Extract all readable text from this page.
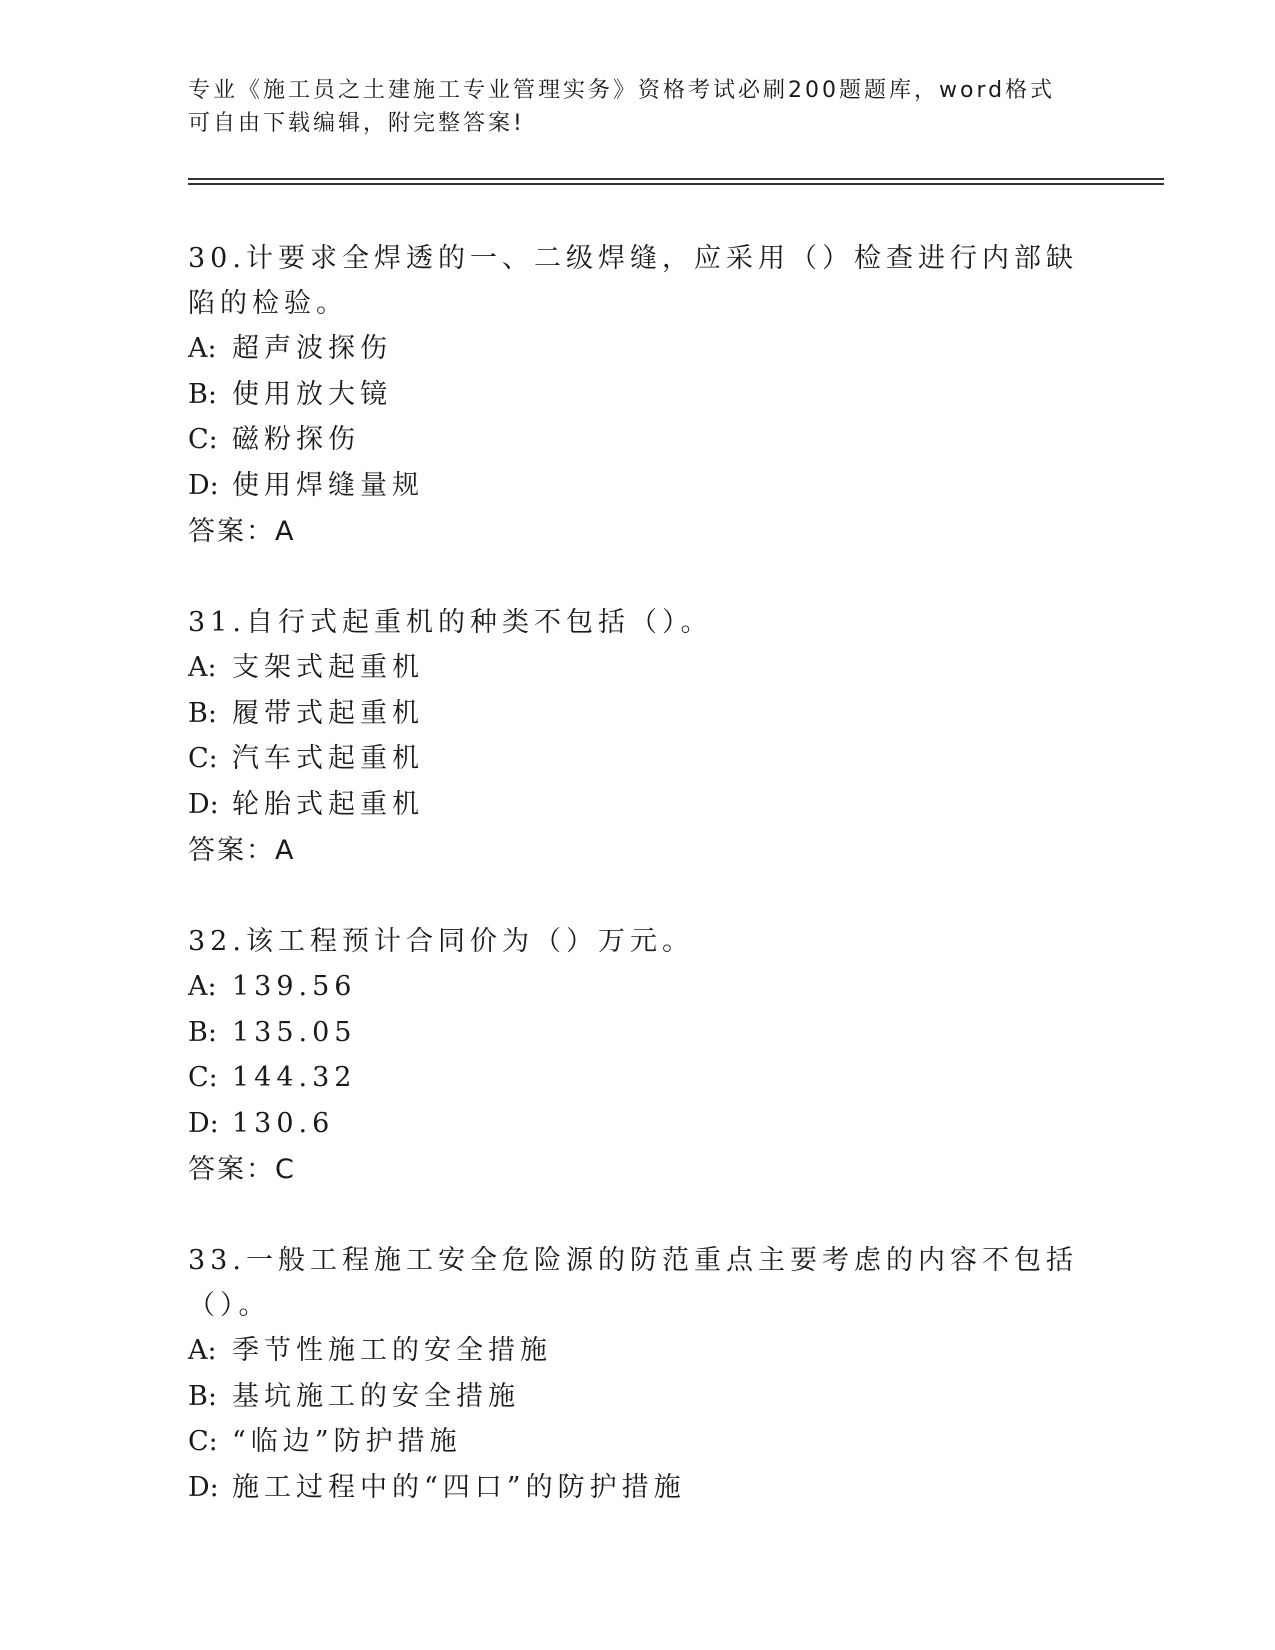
专业《施工员之土建施工专业管理实务》资格考试必刷200题题库，word格式可自由下载编辑，附完整答案!

30.计要求全焊透的一、二级焊缝，应采用（）检查进行内部缺陷的检验。

A: 超声波探伤

B: 使用放大镜

C: 磁粉探伤

D: 使用焊缝量规

答案：A

31.自行式起重机的种类不包括（）。

A: 支架式起重机

B: 履带式起重机

C: 汽车式起重机

D: 轮胎式起重机

答案：A

32.该工程预计合同价为（）万元。

A: 139.56

B: 135.05

C: 144.32

D: 130.6

答案：C

33.一般工程施工安全危险源的防范重点主要考虑的内容不包括（）。

A: 季节性施工的安全措施

B: 基坑施工的安全措施

C: “临边”防护措施

D: 施工过程中的“四口”的防护措施
